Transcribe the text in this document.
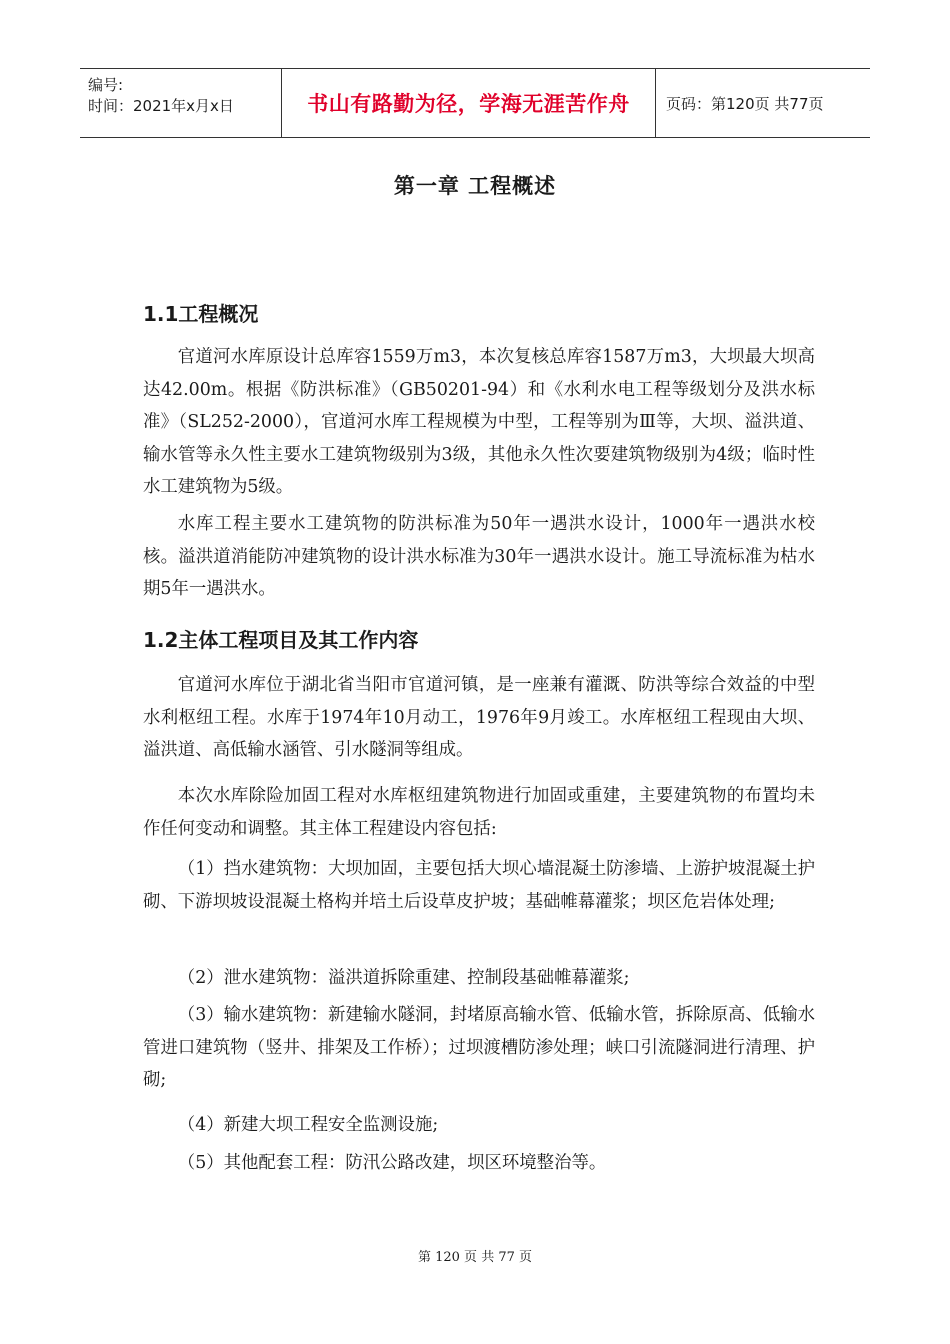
编号:
时间：2021年x月x日	书山有路勤为径，学海无涯苦作舟	页码：第120页 共77页
第一章 工程概述
1.1工程概况

官道河水库原设计总库容1559万m3，本次复核总库容1587万m3，大坝最大坝高达42.00m。根据《防洪标准》（GB50201-94）和《水利水电工程等级划分及洪水标准》（SL252-2000），官道河水库工程规模为中型，工程等别为Ⅲ等，大坝、溢洪道、输水管等永久性主要水工建筑物级别为3级，其他永久性次要建筑物级别为4级；临时性水工建筑物为5级。

水库工程主要水工建筑物的防洪标准为50年一遇洪水设计，1000年一遇洪水校核。溢洪道消能防冲建筑物的设计洪水标准为30年一遇洪水设计。施工导流标准为枯水期5年一遇洪水。

1.2主体工程项目及其工作内容

官道河水库位于湖北省当阳市官道河镇，是一座兼有灌溉、防洪等综合效益的中型水利枢纽工程。水库于1974年10月动工，1976年9月竣工。水库枢纽工程现由大坝、溢洪道、高低输水涵管、引水隧洞等组成。

本次水库除险加固工程对水库枢纽建筑物进行加固或重建，主要建筑物的布置均未作任何变动和调整。其主体工程建设内容包括:

（1）挡水建筑物：大坝加固，主要包括大坝心墙混凝土防渗墙、上游护坡混凝土护砌、下游坝坡设混凝土格构并培土后设草皮护坡；基础帷幕灌浆；坝区危岩体处理;

（2）泄水建筑物：溢洪道拆除重建、控制段基础帷幕灌浆;

（3）输水建筑物：新建输水隧洞，封堵原高输水管、低输水管，拆除原高、低输水管进口建筑物（竖井、排架及工作桥）；过坝渡槽防渗处理；峡口引流隧洞进行清理、护砌;

（4）新建大坝工程安全监测设施;

（5）其他配套工程：防汛公路改建，坝区环境整治等。

第 120 页 共 77 页
